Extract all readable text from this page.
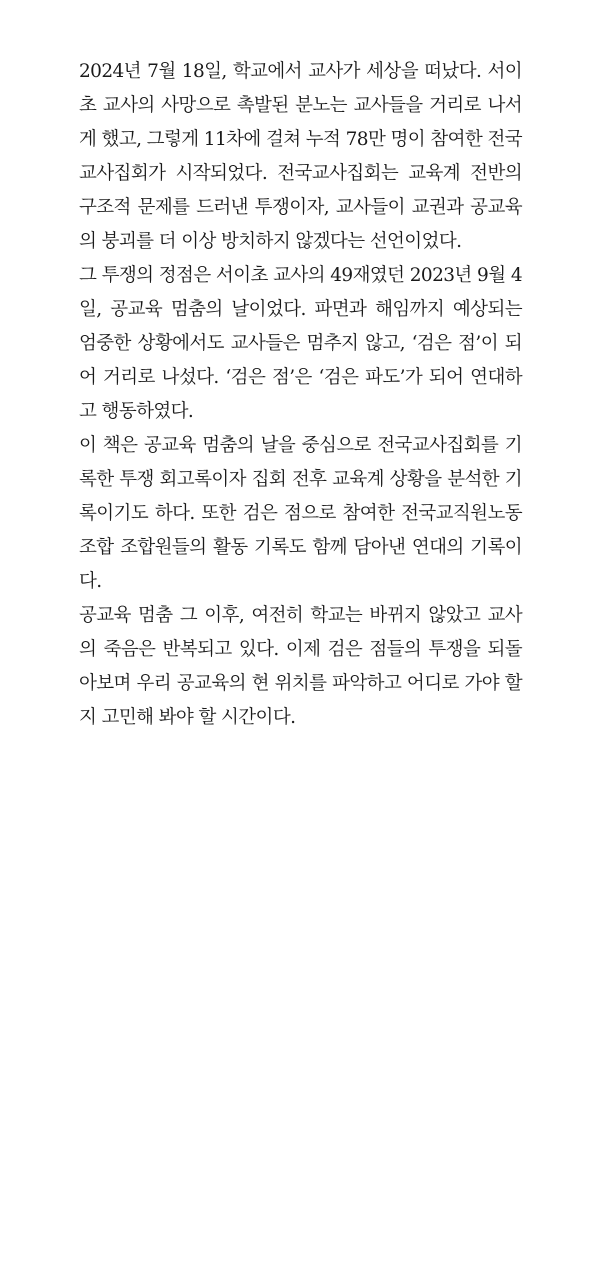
2024년 7월 18일, 학교에서 교사가 세상을 떠났다. 서이초 교사의 사망으로 촉발된 분노는 교사들을 거리로 나서게 했고, 그렇게 11차에 걸쳐 누적 78만 명이 참여한 전국교사집회가 시작되었다. 전국교사집회는 교육계 전반의 구조적 문제를 드러낸 투쟁이자, 교사들이 교권과 공교육의 붕괴를 더 이상 방치하지 않겠다는 선언이었다.

그 투쟁의 정점은 서이초 교사의 49재였던 2023년 9월 4일, 공교육 멈춤의 날이었다. 파면과 해임까지 예상되는 엄중한 상황에서도 교사들은 멈추지 않고, ‘검은 점’이 되어 거리로 나섰다. ‘검은 점’은 ‘검은 파도’가 되어 연대하고 행동하였다.

이 책은 공교육 멈춤의 날을 중심으로 전국교사집회를 기록한 투쟁 회고록이자 집회 전후 교육계 상황을 분석한 기록이기도 하다. 또한 검은 점으로 참여한 전국교직원노동조합 조합원들의 활동 기록도 함께 담아낸 연대의 기록이다.

공교육 멈춤 그 이후, 여전히 학교는 바뀌지 않았고 교사의 죽음은 반복되고 있다. 이제 검은 점들의 투쟁을 되돌아보며 우리 공교육의 현 위치를 파악하고 어디로 가야 할지 고민해 봐야 할 시간이다.
